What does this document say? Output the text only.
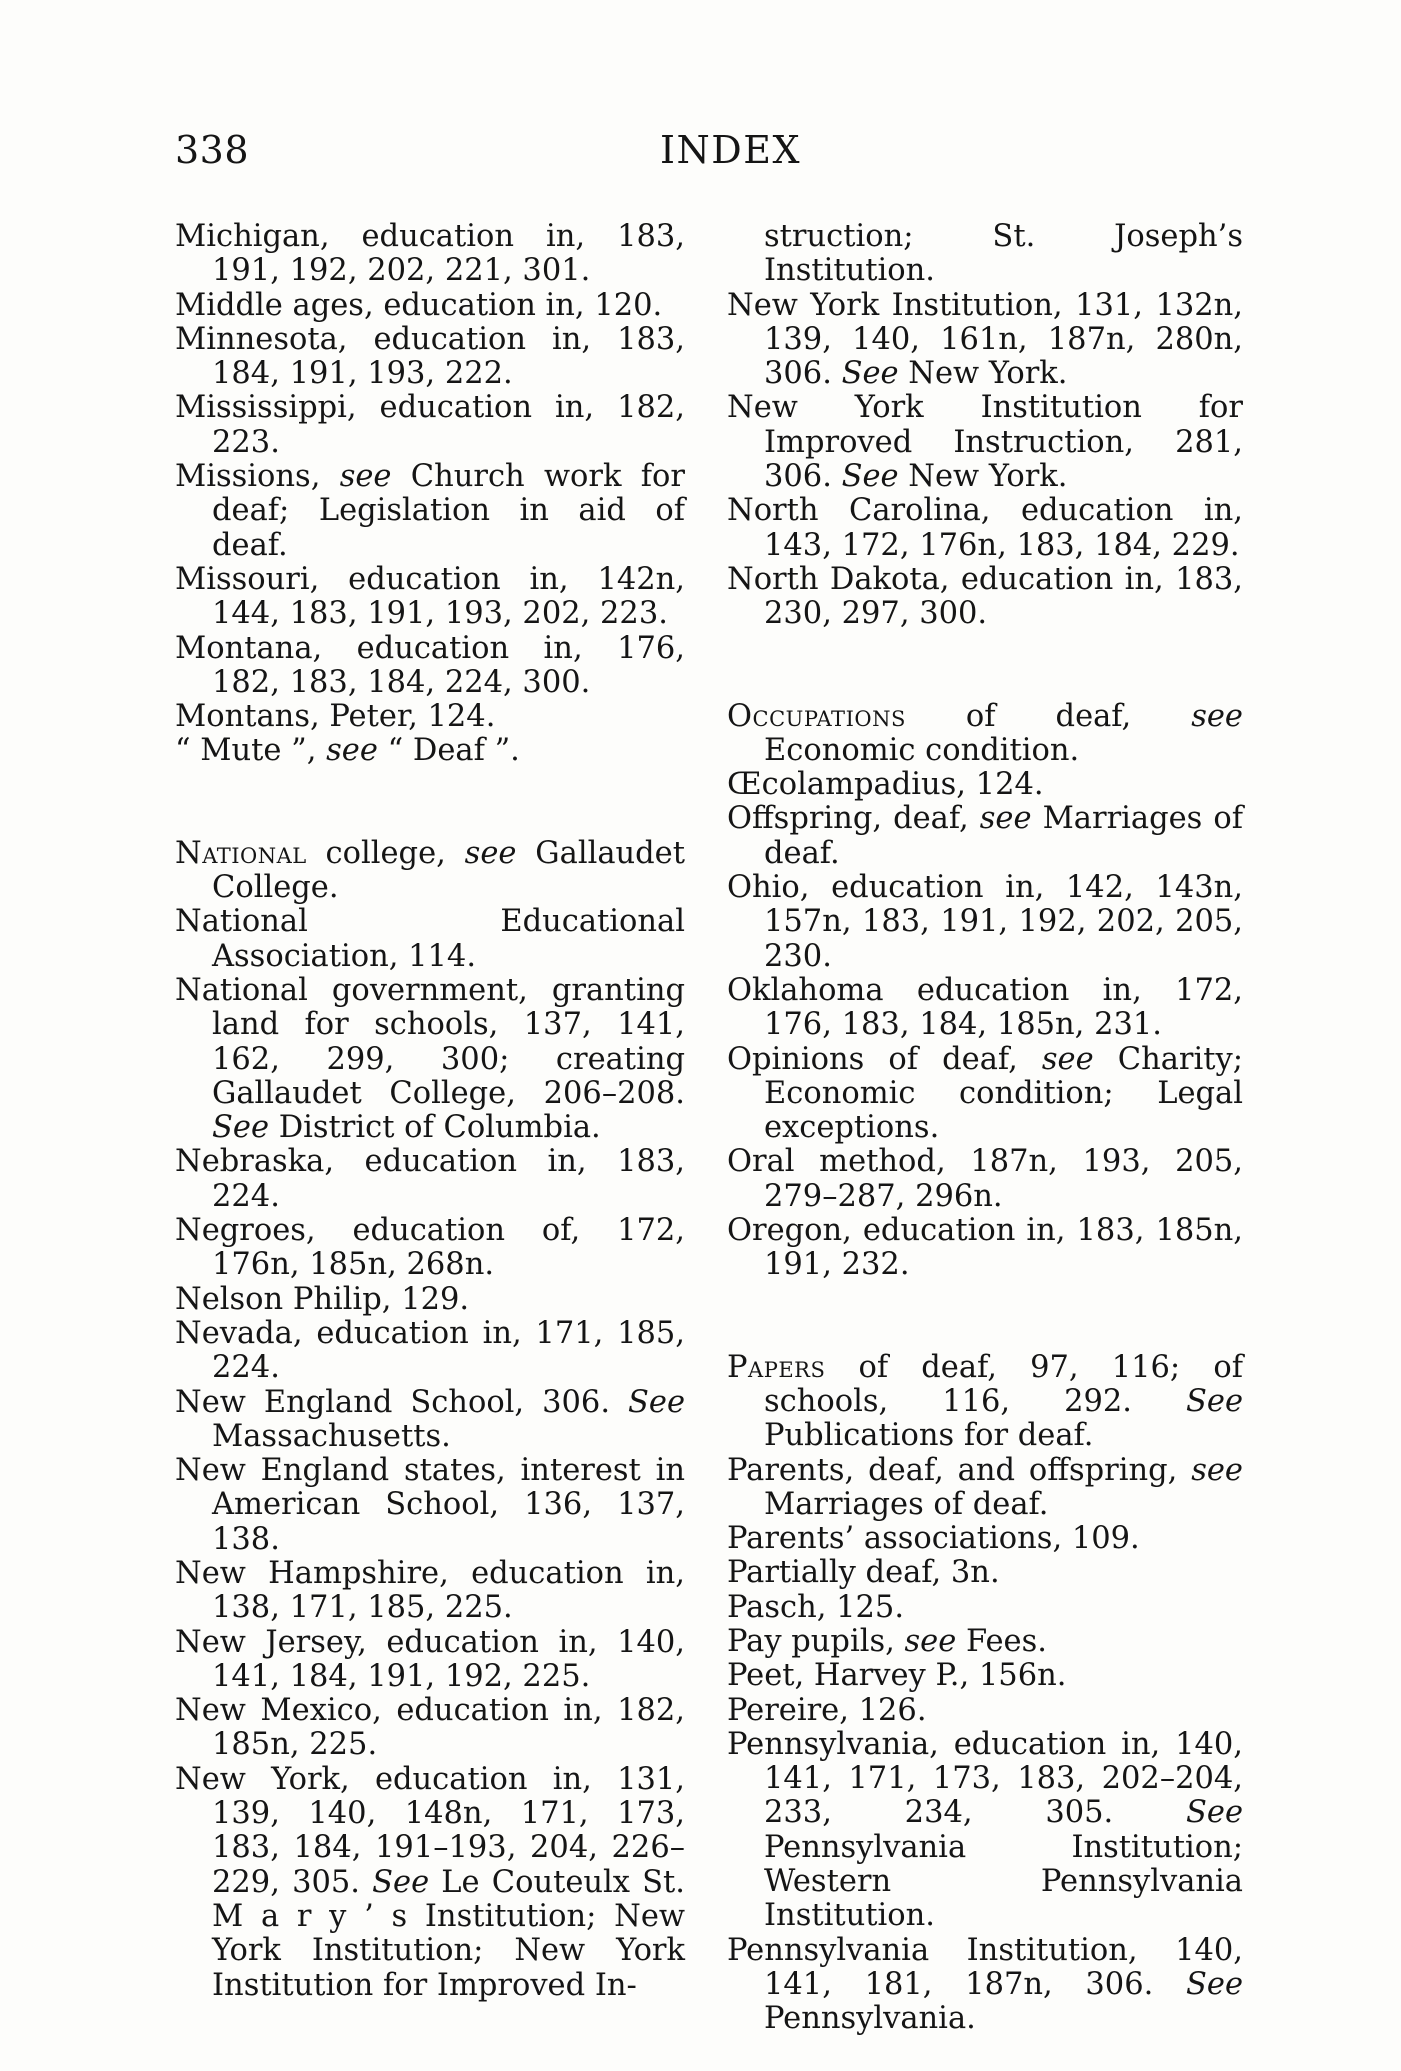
338	INDEX

Michigan, education in, 183, 191, 192, 202, 221, 301.

Middle ages, education in, 120.

Minnesota, education in, 183, 184, 191, 193, 222.

Mississippi, education in, 182, 223.

Missions, see Church work for deaf; Legislation in aid of deaf.

Missouri, education in, 142n, 144, 183, 191, 193, 202, 223.

Montana, education in, 176, 182, 183, 184, 224, 300.

Montans, Peter, 124.

“ Mute ”, see “ Deaf ”.

National college, see Gallaudet College.

National Educational Association, 114.

National government, granting land for schools, 137, 141, 162, 299, 300; creating Gallaudet College, 206–208. See District of Columbia.

Nebraska, education in, 183, 224.

Negroes, education of, 172, 176n, 185n, 268n.

Nelson Philip, 129.

Nevada, education in, 171, 185, 224.

New England School, 306. See Massachusetts.

New England states, interest in American School, 136, 137, 138.

New Hampshire, education in, 138, 171, 185, 225.

New Jersey, education in, 140, 141, 184, 191, 192, 225.

New Mexico, education in, 182, 185n, 225.

New York, education in, 131, 139, 140, 148n, 171, 173, 183, 184, 191–193, 204, 226–229, 305. See Le Couteulx St. M a r y ’ s Institution; New York Institution; New York Institution for Improved In-

struction; St. Joseph’s Institution.

New York Institution, 131, 132n, 139, 140, 161n, 187n, 280n, 306. See New York.

New York Institution for Improved Instruction, 281, 306. See New York.

North Carolina, education in, 143, 172, 176n, 183, 184, 229.

North Dakota, education in, 183, 230, 297, 300.

Occupations of deaf, see Economic condition.

Œcolampadius, 124.

Offspring, deaf, see Marriages of deaf.

Ohio, education in, 142, 143n, 157n, 183, 191, 192, 202, 205, 230.

Oklahoma education in, 172, 176, 183, 184, 185n, 231.

Opinions of deaf, see Charity; Economic condition; Legal exceptions.

Oral method, 187n, 193, 205, 279–287, 296n.

Oregon, education in, 183, 185n, 191, 232.

Papers of deaf, 97, 116; of schools, 116, 292. See Publications for deaf.

Parents, deaf, and offspring, see Marriages of deaf.

Parents’ associations, 109.

Partially deaf, 3n.

Pasch, 125.

Pay pupils, see Fees.

Peet, Harvey P., 156n.

Pereire, 126.

Pennsylvania, education in, 140, 141, 171, 173, 183, 202–204, 233, 234, 305. See Pennsylvania Institution; Western Pennsylvania Institution.

Pennsylvania Institution, 140, 141, 181, 187n, 306. See Pennsylvania.
